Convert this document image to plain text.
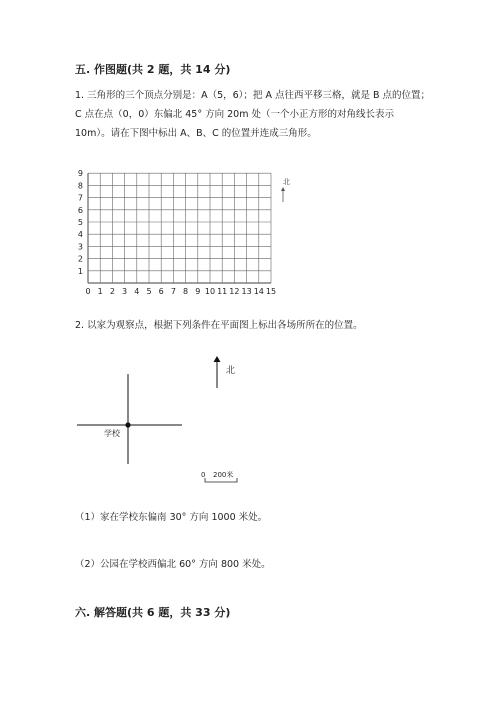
五. 作图题(共 2 题，共 14 分)
1. 三角形的三个顶点分别是：A（5，6）；把 A 点往西平移三格，就是 B 点的位置；
C 点在点（0，0）东偏北 45° 方向 20m 处（一个小正方形的对角线长表示
10m）。请在下图中标出 A、B、C 的位置并连成三角形。
0 1 2 3 4 5 6 7 8 9 10 11 12 13 14 15
1
2
3
4
5
6
7
8
9
北
北
学校
0 200米
2. 以家为观察点，根据下列条件在平面图上标出各场所所在的位置。
（1）家在学校东偏南 30° 方向 1000 米处。
（2）公园在学校西偏北 60° 方向 800 米处。
六. 解答题(共 6 题，共 33 分)
